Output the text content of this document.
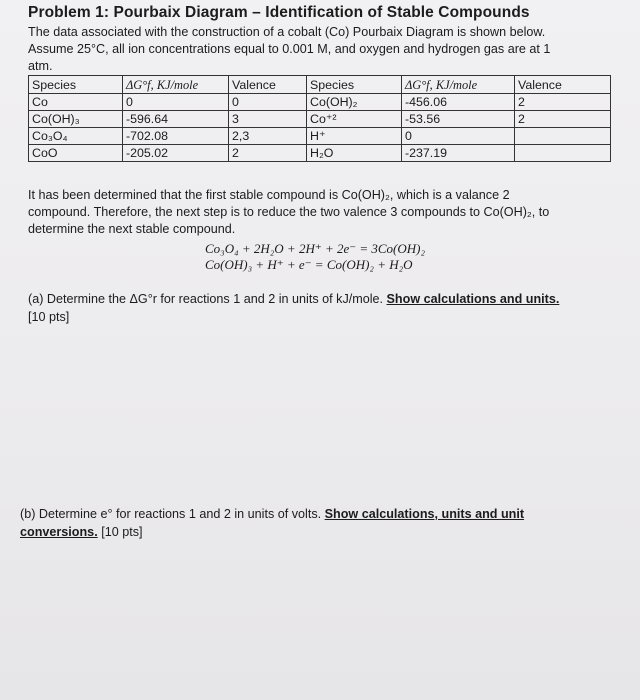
Problem 1: Pourbaix Diagram – Identification of Stable Compounds
The data associated with the construction of a cobalt (Co) Pourbaix Diagram is shown below.
Assume 25°C, all ion concentrations equal to 0.001 M, and oxygen and hydrogen gas are at 1
atm.
Species	ΔG°f, KJ/mole	Valence	Species	ΔG°f, KJ/mole	Valence
Co	0	0	Co(OH)₂	-456.06	2
Co(OH)₃	-596.64	3	Co⁺²	-53.56	2
Co₃O₄	-702.08	2,3	H⁺	0	
CoO	-205.02	2	H₂O	-237.19	
It has been determined that the first stable compound is Co(OH)₂, which is a valance 2
compound. Therefore, the next step is to reduce the two valence 3 compounds to Co(OH)₂, to
determine the next stable compound.
Co₃O₄ + 2H₂O + 2H⁺ + 2e⁻ = 3Co(OH)₂
Co(OH)₃ + H⁺ + e⁻ = Co(OH)₂ + H₂O
(a) Determine the ΔG°r for reactions 1 and 2 in units of kJ/mole. Show calculations and units.
[10 pts]
(b) Determine e° for reactions 1 and 2 in units of volts. Show calculations, units and unit
conversions. [10 pts]
